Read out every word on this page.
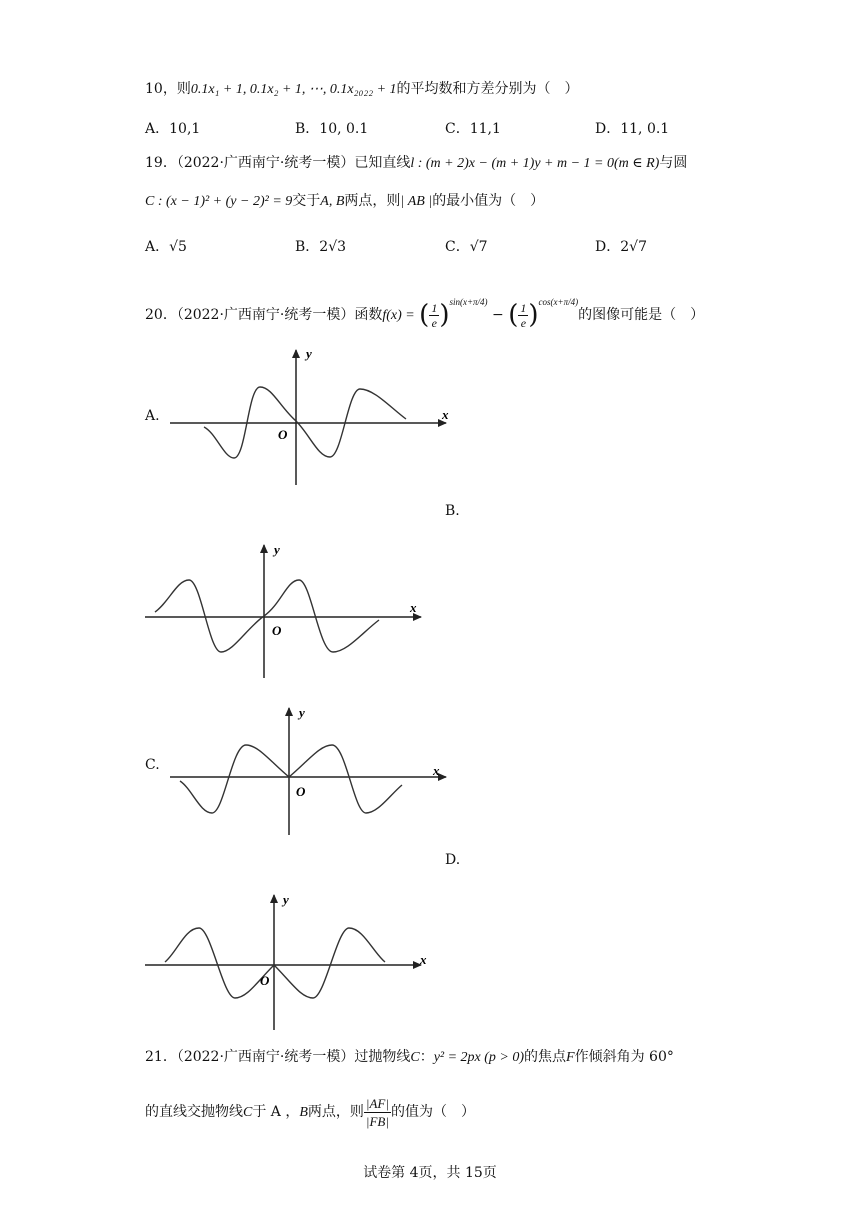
10，则0.1x₁ + 1, 0.1x₂ + 1, ⋯, 0.1x₂₀₂₂ + 1的平均数和方差分别为（　）
A．10,1	B．10, 0.1	C．11,1	D．11, 0.1
19．（2022·广西南宁·统考一模）已知直线l : (m + 2)x − (m + 1)y + m − 1 = 0(m ∈ R)与圆
C : (x − 1)² + (y − 2)² = 9交于A, B两点，则| AB |的最小值为（　）
A．√5	B．2√3	C．√7	D．2√7
20．（2022·广西南宁·统考一模）函数f(x) = ( $\frac{1}{e} )^{sin(x+\pi/4)}$ − ( $\frac{1}{e} )^{cos(x+\pi/4)}$的图像可能是（　）
A.
B.
C.
D.
y
x
O
y
x
O
y
x
O
y
x
O
21．（2022·广西南宁·统考一模）过抛物线C：y² = 2px (p > 0)的焦点F作倾斜角为 60°
的直线交抛物线C于 A ，B两点，则 $\frac{|AF|}{|FB|}$ 的值为（　）
试卷第 4页，共 15页
